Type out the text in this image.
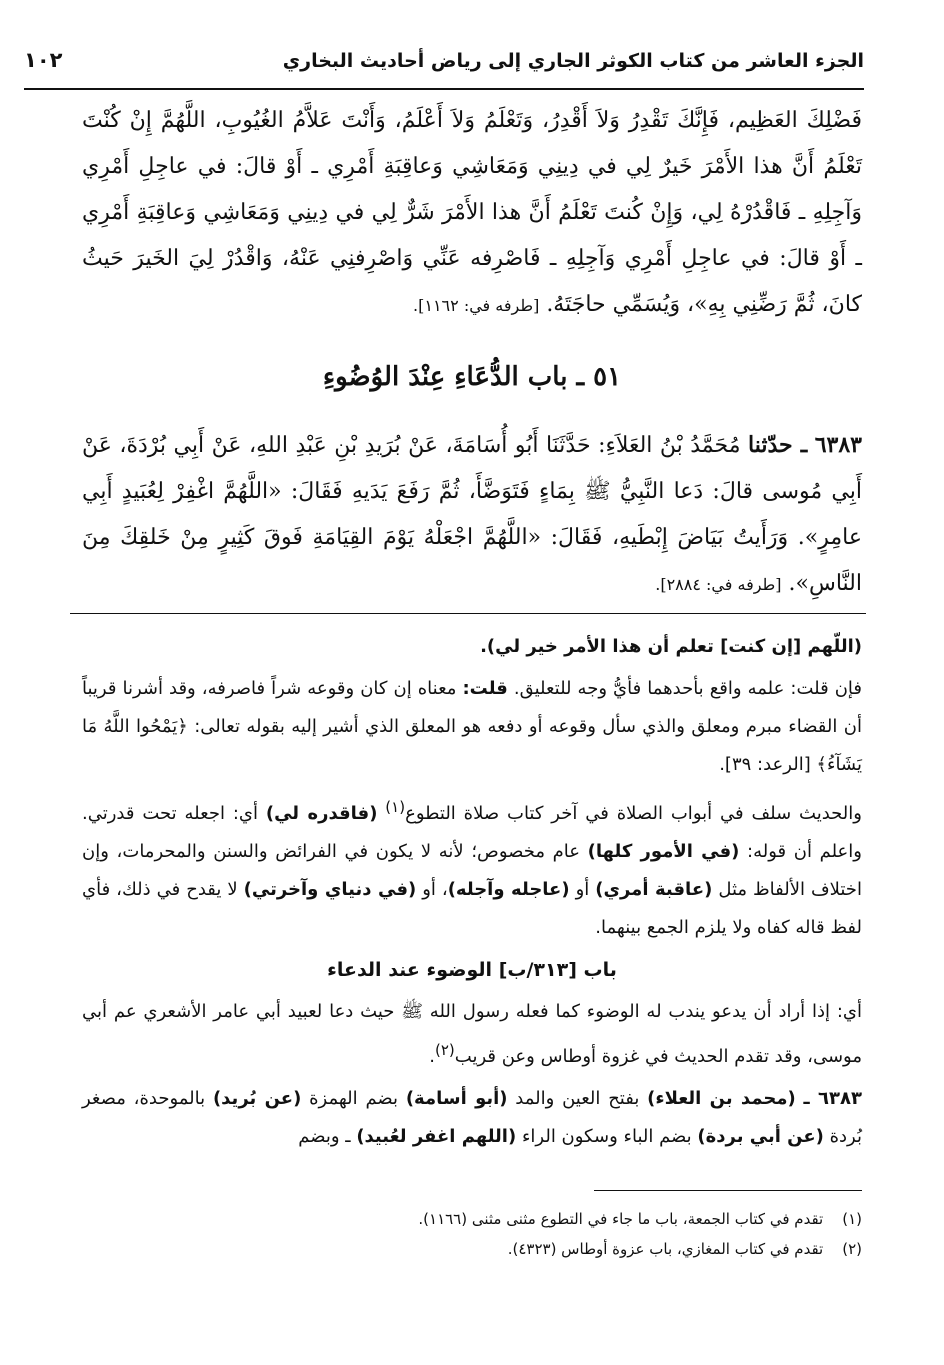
الجزء العاشر من كتاب الكوثر الجاري إلى رياض أحاديث البخاري
١٠٢

فَضْلِكَ العَظِيم، فَإِنَّكَ تَقْدِرُ وَلاَ أَقْدِرُ، وَتَعْلَمُ وَلاَ أَعْلَمُ، وَأَنْتَ عَلاَّمُ الغُيُوبِ، اللَّهُمَّ إِنْ كُنْتَ تَعْلَمُ أَنَّ هذا الأَمْرَ خَيرٌ لِي في دِينِي وَمَعَاشِي وَعاقِبَةِ أَمْرِي ـ أَوْ قالَ: في عاجِلِ أَمْرِي وَآجِلِهِ ـ فَاقْدُرْهُ لِي، وَإِنْ كُنتَ تَعْلَمُ أَنَّ هذا الأَمْرَ شَرٌّ لِي في دِينِي وَمَعَاشِي وَعاقِبَةِ أَمْرِي ـ أَوْ قالَ: في عاجِلِ أَمْرِي وَآجِلِهِ ـ فَاصْرِفه عَنِّي وَاصْرِفنِي عَنْهُ، وَاقْدُرْ لِيَ الخَيرَ حَيثُ كانَ، ثُمَّ رَضِّنِي بِهِ»، وَيُسَمِّي حاجَتَهُ. [طرفه في: ١١٦٢].

٥١ ـ باب الدُّعَاءِ عِنْدَ الوُضُوءِ

٦٣٨٣ ـ حدّثنا مُحَمَّدُ بْنُ العَلاَءِ: حَدَّثَنَا أَبُو أُسَامَةَ، عَنْ بُرَيدِ بْنِ عَبْدِ اللهِ، عَنْ أَبِي بُرْدَةَ، عَنْ أَبِي مُوسى قالَ: دَعا النَّبِيُّ ﷺ بِمَاءٍ فَتَوَضَّأَ، ثُمَّ رَفَعَ يَدَيهِ فَقَالَ: «اللَّهُمَّ اغْفِرْ لِعُبَيدٍ أَبِي عامِرٍ». وَرَأَيتُ بَيَاضَ إِبْطَيهِ، فَقَالَ: «اللَّهُمَّ اجْعَلْهُ يَوْمَ القِيَامَةِ فَوقَ كَثِيرٍ مِنْ خَلقِكَ مِنَ النَّاسِ». [طرفه في: ٢٨٨٤].

(اللّهم [إن كنت] تعلم أن هذا الأمر خير لي).

فإن قلت: علمه واقع بأحدهما فأيُّ وجه للتعليق. قلت: معناه إن كان وقوعه شراً فاصرفه، وقد أشرنا قريباً أن القضاء مبرم ومعلق والذي سأل وقوعه أو دفعه هو المعلق الذي أشير إليه بقوله تعالى: ﴿يَمْحُوا اللَّهُ مَا يَشَآءُ﴾ [الرعد: ٣٩].

والحديث سلف في أبواب الصلاة في آخر كتاب صلاة التطوع$^{(١)}$ (فاقدره لي) أي: اجعله تحت قدرتي. واعلم أن قوله: (في الأمور كلها) عام مخصوص؛ لأنه لا يكون في الفرائض والسنن والمحرمات، وإن اختلاف الألفاظ مثل (عاقبة أمري) أو (عاجله وآجله)، أو (في دنياي وآخرتي) لا يقدح في ذلك، فأي لفظ قاله كفاه ولا يلزم الجمع بينهما.

باب [٣١٣/ب] الوضوء عند الدعاء

أي: إذا أراد أن يدعو يندب له الوضوء كما فعله رسول الله ﷺ حيث دعا لعبيد أبي عامر الأشعري عم أبي موسى، وقد تقدم الحديث في غزوة أوطاس وعن قريب$^{(٢)}$.

٦٣٨٣ ـ (محمد بن العلاء) بفتح العين والمد (أبو أسامة) بضم الهمزة (عن بُريد) بالموحدة، مصغر بُردة (عن أبي بردة) بضم الباء وسكون الراء (اللهم اغفر لعُبيد) ـ وبضم

(١) تقدم في كتاب الجمعة، باب ما جاء في التطوع مثنى مثنى (١١٦٦).
(٢) تقدم في كتاب المغازي، باب عزوة أوطاس (٤٣٢٣).
